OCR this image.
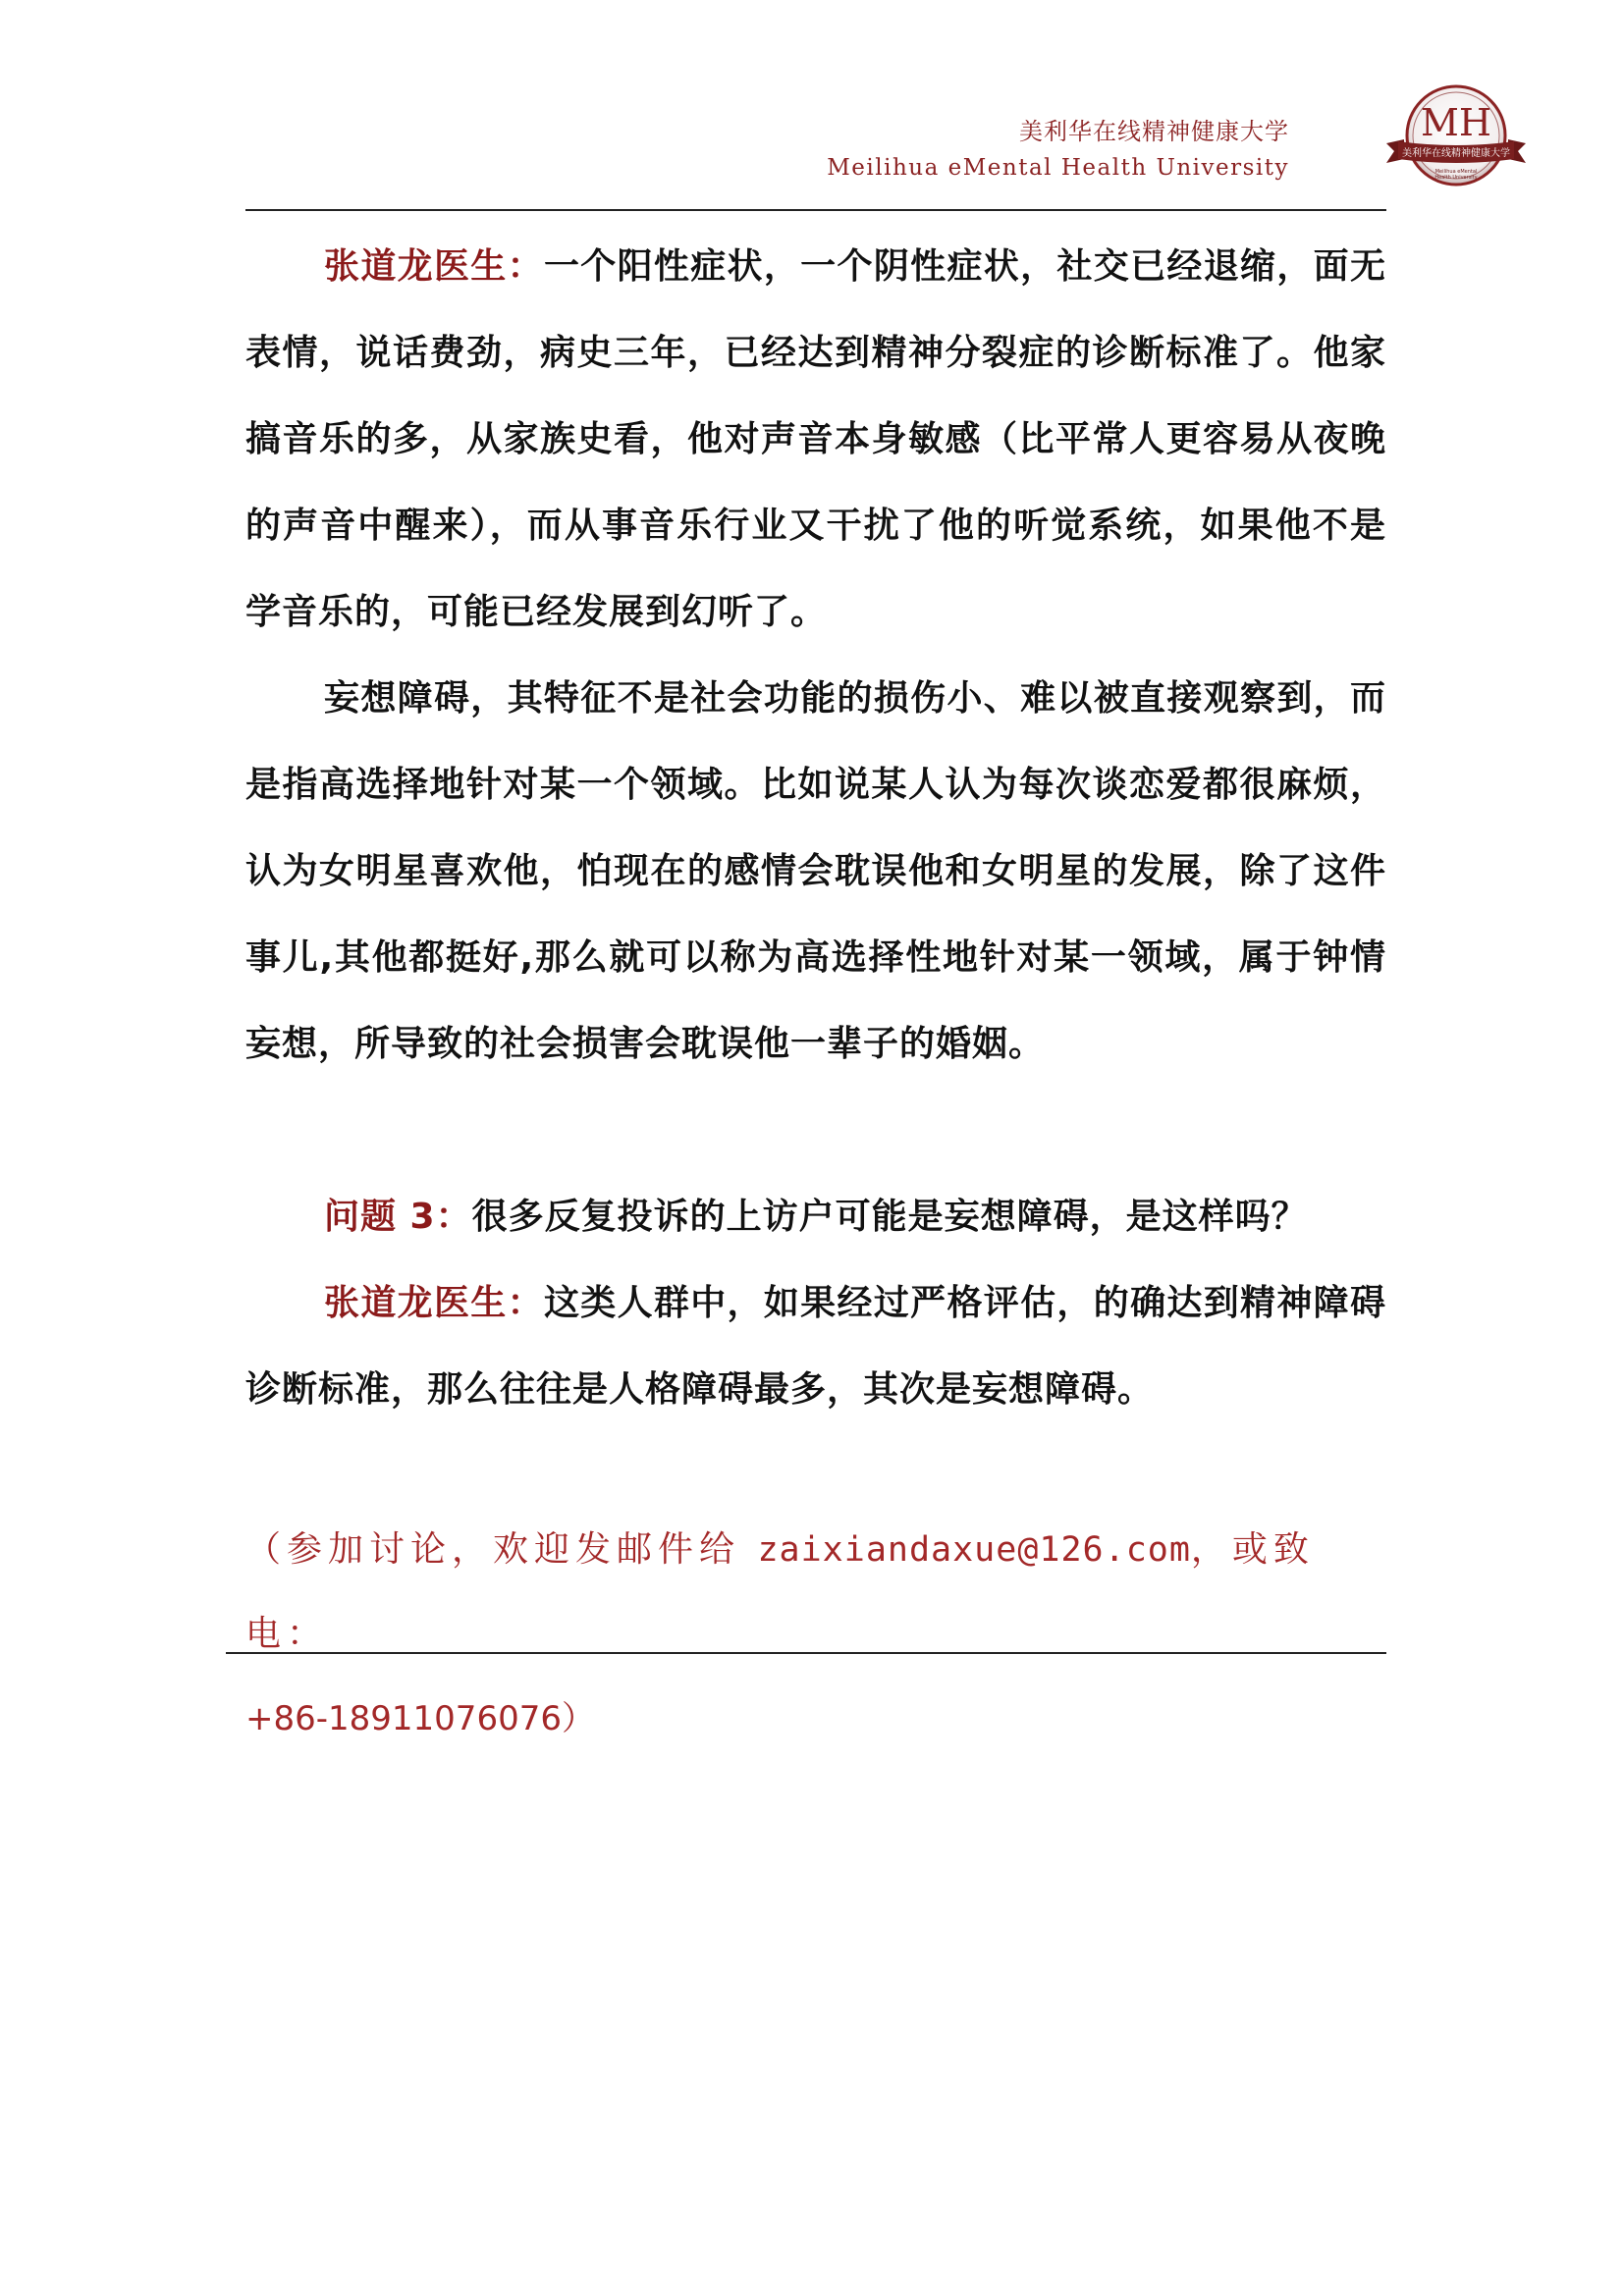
美利华在线精神健康大学
Meilihua eMental Health University
MH
美利华在线精神健康大学
Meilihua eMental
Health University

张道龙医生：一个阳性症状，一个阴性症状，社交已经退缩，面无表情，说话费劲，病史三年，已经达到精神分裂症的诊断标准了。他家搞音乐的多，从家族史看，他对声音本身敏感（比平常人更容易从夜晚的声音中醒来），而从事音乐行业又干扰了他的听觉系统，如果他不是学音乐的，可能已经发展到幻听了。

妄想障碍，其特征不是社会功能的损伤小、难以被直接观察到，而是指高选择地针对某一个领域。比如说某人认为每次谈恋爱都很麻烦，认为女明星喜欢他，怕现在的感情会耽误他和女明星的发展，除了这件事儿,其他都挺好,那么就可以称为高选择性地针对某一领域，属于钟情妄想，所导致的社会损害会耽误他一辈子的婚姻。

问题 3：很多反复投诉的上访户可能是妄想障碍，是这样吗？

张道龙医生：这类人群中，如果经过严格评估，的确达到精神障碍诊断标准，那么往往是人格障碍最多，其次是妄想障碍。

（参加讨论，欢迎发邮件给 zaixiandaxue@126.com，或致电：
+86-18911076076）
